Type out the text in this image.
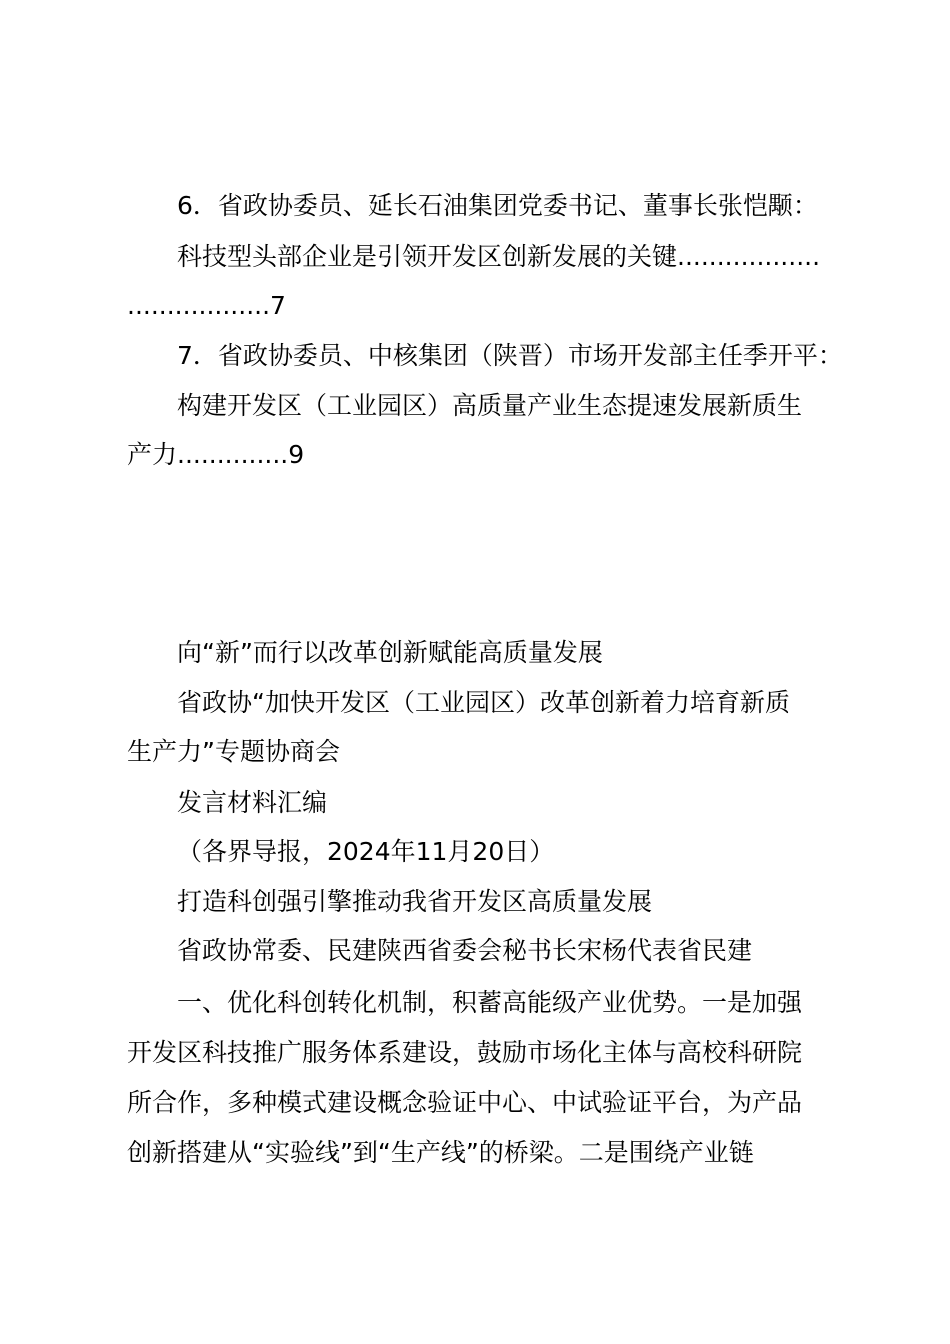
6．省政协委员、延长石油集团党委书记、董事长张恺颙：
科技型头部企业是引领开发区创新发展的关键..................
..................7
7．省政协委员、中核集团（陕晋）市场开发部主任季开平：
构建开发区（工业园区）高质量产业生态提速发展新质生
产力..............9
向“新”而行以改革创新赋能高质量发展
省政协“加快开发区（工业园区）改革创新着力培育新质
生产力”专题协商会
发言材料汇编
（各界导报，2024年11月20日）
打造科创强引擎推动我省开发区高质量发展
省政协常委、民建陕西省委会秘书长宋杨代表省民建
一、优化科创转化机制，积蓄高能级产业优势。一是加强
开发区科技推广服务体系建设，鼓励市场化主体与高校科研院
所合作，多种模式建设概念验证中心、中试验证平台，为产品
创新搭建从“实验线”到“生产线”的桥梁。二是围绕产业链
